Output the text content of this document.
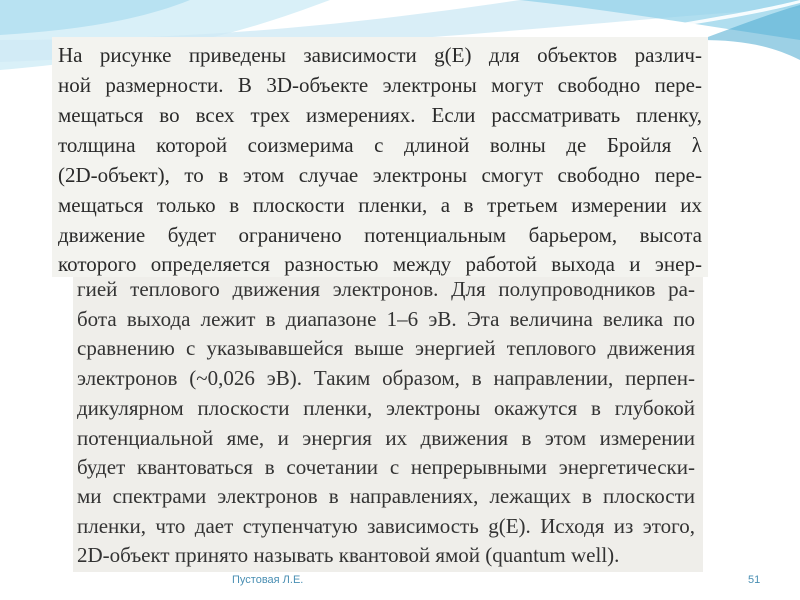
На рисунке приведены зависимости g(E) для объектов различ-
ной размерности. В 3D-объекте электроны могут свободно пере-
мещаться во всех трех измерениях. Если рассматривать пленку,
толщина которой соизмерима с длиной волны де Бройля λ
(2D-объект), то в этом случае электроны смогут свободно пере-
мещаться только в плоскости пленки, а в третьем измерении их
движение будет ограничено потенциальным барьером, высота
которого определяется разностью между работой выхода и энер-
гией теплового движения электронов. Для полупроводников ра-
бота выхода лежит в диапазоне 1–6 эВ. Эта величина велика по
сравнению с указывавшейся выше энергией теплового движения
электронов (~0,026 эВ). Таким образом, в направлении, перпен-
дикулярном плоскости пленки, электроны окажутся в глубокой
потенциальной яме, и энергия их движения в этом измерении
будет квантоваться в сочетании с непрерывными энергетически-
ми спектрами электронов в направлениях, лежащих в плоскости
пленки, что дает ступенчатую зависимость g(E). Исходя из этого,
2D-объект принято называть квантовой ямой (quantum well).
Пустовая Л.Е.	51
